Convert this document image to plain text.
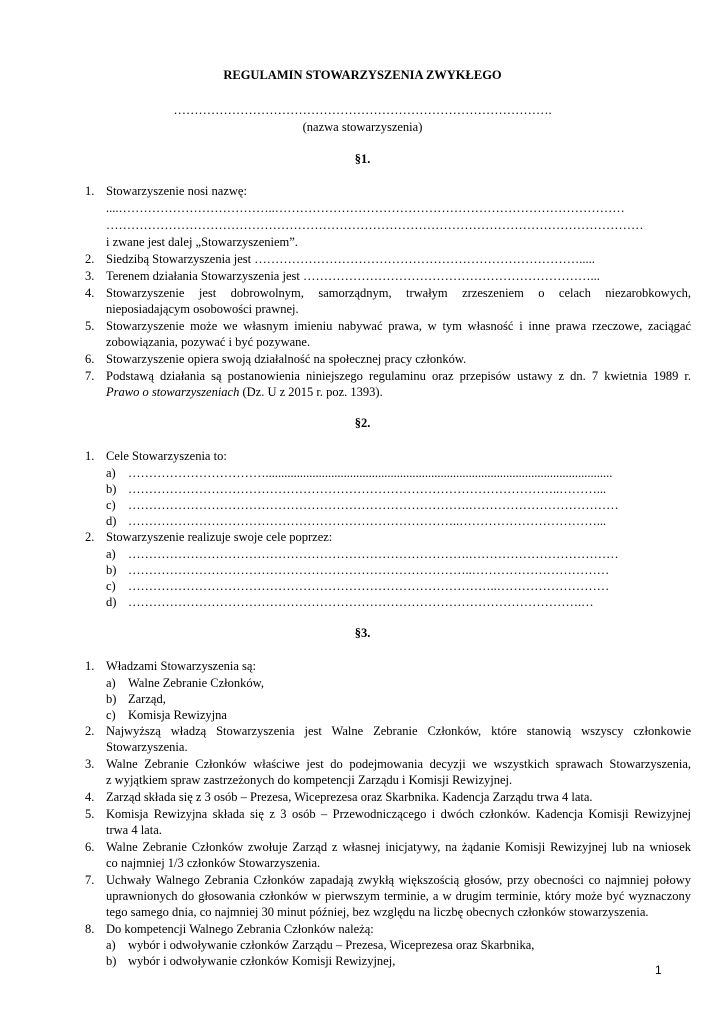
REGULAMIN STOWARZYSZENIA ZWYKŁEGO
……………………………………………………………………………….
(nazwa stowarzyszenia)
§1.
1. Stowarzyszenie nosi nazwę:
....………………………………..…………………………………………………………………………
…………………………………………………………………………………………………………………
i zwane jest dalej „Stowarzyszeniem”.
2. Siedzibą Stowarzyszenia jest …………………………………………………………………….....
3. Terenem działania Stowarzyszenia jest ……………………………………………………………...
4. Stowarzyszenie jest dobrowolnym, samorządnym, trwałym zrzeszeniem o celach niezarobkowych,
nieposiadającym osobowości prawnej.
5. Stowarzyszenie może we własnym imieniu nabywać prawa, w tym własność i inne prawa rzeczowe, zaciągać
zobowiązania, pozywać i być pozywane.
6. Stowarzyszenie opiera swoją działalność na społecznej pracy członków.
7. Podstawą działania są postanowienia niniejszego regulaminu oraz przepisów ustawy z dn. 7 kwietnia 1989 r.
Prawo o stowarzyszeniach (Dz. U z 2015 r. poz. 1393).
§2.
1. Cele Stowarzyszenia to:
a) ……………………………...............................................................................................................
b) …………………………………………………………………………………………..………...
c) ……………………………………………………………………….………………………………
d) ……………………………………………………………………..……………………………...
2. Stowarzyszenie realizuje swoje cele poprzez:
a) ……………………………………………………………………….………………………………
b) ………………………………………………………………………..……………………………
c) ……………………………………………………………………………..………………………
d) ……………………………………………………………………………………………….…
§3.
1. Władzami Stowarzyszenia są:
a) Walne Zebranie Członków,
b) Zarząd,
c) Komisja Rewizyjna
2. Najwyższą władzą Stowarzyszenia jest Walne Zebranie Członków, które stanowią wszyscy członkowie
Stowarzyszenia.
3. Walne Zebranie Członków właściwe jest do podejmowania decyzji we wszystkich sprawach Stowarzyszenia,
z wyjątkiem spraw zastrzeżonych do kompetencji Zarządu i Komisji Rewizyjnej.
4. Zarząd składa się z 3 osób – Prezesa, Wiceprezesa oraz Skarbnika. Kadencja Zarządu trwa 4 lata.
5. Komisja Rewizyjna składa się z 3 osób – Przewodniczącego i dwóch członków. Kadencja Komisji Rewizyjnej
trwa 4 lata.
6. Walne Zebranie Członków zwołuje Zarząd z własnej inicjatywy, na żądanie Komisji Rewizyjnej lub na wniosek
co najmniej 1/3 członków Stowarzyszenia.
7. Uchwały Walnego Zebrania Członków zapadają zwykłą większością głosów, przy obecności co najmniej połowy
uprawnionych do głosowania członków w pierwszym terminie, a w drugim terminie, który może być wyznaczony
tego samego dnia, co najmniej 30 minut później, bez względu na liczbę obecnych członków stowarzyszenia.
8. Do kompetencji Walnego Zebrania Członków należą:
a) wybór i odwoływanie członków Zarządu – Prezesa, Wiceprezesa oraz Skarbnika,
b) wybór i odwoływanie członków Komisji Rewizyjnej,
1
